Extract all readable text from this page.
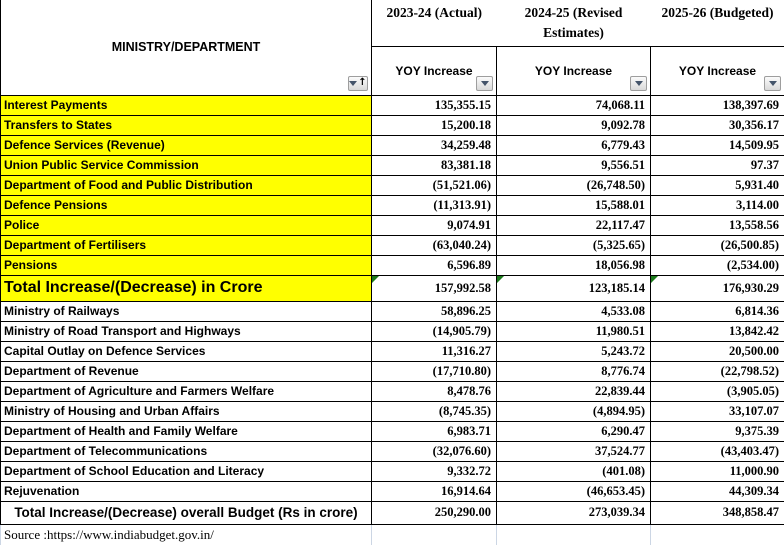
MINISTRY/DEPARTMENT
↑	2023-24 (Actual)	2024-25 (Revised Estimates)	2025-26 (Budgeted)
	YOY Increase	YOY Increase	YOY Increase

Interest Payments	135,355.15	74,068.11	138,397.69
Transfers to States	15,200.18	9,092.78	30,356.17
Defence Services (Revenue)	34,259.48	6,779.43	14,509.95
Union Public Service Commission	83,381.18	9,556.51	97.37
Department of Food and Public Distribution	(51,521.06)	(26,748.50)	5,931.40
Defence Pensions	(11,313.91)	15,588.01	3,114.00
Police	9,074.91	22,117.47	13,558.56
Department of Fertilisers	(63,040.24)	(5,325.65)	(26,500.85)
Pensions	6,596.89	18,056.98	(2,534.00)
Total Increase/(Decrease) in Crore	157,992.58	123,185.14	176,930.29
Ministry of Railways	58,896.25	4,533.08	6,814.36
Ministry of Road Transport and Highways	(14,905.79)	11,980.51	13,842.42
Capital Outlay on Defence Services	11,316.27	5,243.72	20,500.00
Department of Revenue	(17,710.80)	8,776.74	(22,798.52)
Department of Agriculture and Farmers Welfare	8,478.76	22,839.44	(3,905.05)
Ministry of Housing and Urban Affairs	(8,745.35)	(4,894.95)	33,107.07
Department of Health and Family Welfare	6,983.71	6,290.47	9,375.39
Department of Telecommunications	(32,076.60)	37,524.77	(43,403.47)
Department of School Education and Literacy	9,332.72	(401.08)	11,000.90
Rejuvenation	16,914.64	(46,653.45)	44,309.34
Total Increase/(Decrease) overall Budget (Rs in crore)	250,290.00	273,039.34	348,858.47
Source :https://www.indiabudget.gov.in/			
